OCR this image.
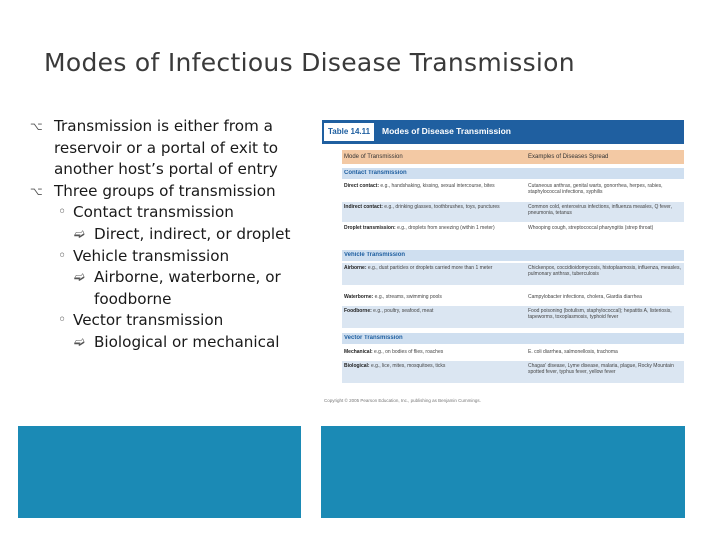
Modes of Infectious Disease Transmission
⌥ Transmission is either from a reservoir or a portal of exit to another host’s portal of entry
⌥ Three groups of transmission
◦ Contact transmission
➫ Direct, indirect, or droplet
◦ Vehicle transmission
➫ Airborne, waterborne, or foodborne
◦ Vector transmission
➫ Biological or mechanical
Table 14.11	Modes of Disease Transmission
Mode of Transmission	Examples of Diseases Spread
Contact Transmission
Direct contact: e.g., handshaking, kissing, sexual intercourse, bites	Cutaneous anthrax, genital warts, gonorrhea, herpes, rabies, staphylococcal infections, syphilis
Indirect contact: e.g., drinking glasses, toothbrushes, toys, punctures	Common cold, enterovirus infections, influenza measles, Q fever, pneumonia, tetanus
Droplet transmission: e.g., droplets from sneezing (within 1 meter)	Whooping cough, streptococcal pharyngitis (strep throat)
Vehicle Transmission
Airborne: e.g., dust particles or droplets carried more than 1 meter	Chickenpox, coccidioidomycosis, histoplasmosis, influenza, measles, pulmonary anthrax, tuberculosis
Waterborne: e.g., streams, swimming pools	Campylobacter infections, cholera, Giardia diarrhea
Foodborne: e.g., poultry, seafood, meat	Food poisoning (botulism, staphylococcal); hepatitis A, listeriosis, tapeworms, toxoplasmosis, typhoid fever
Vector Transmission
Mechanical: e.g., on bodies of flies, roaches	E. coli diarrhea, salmonellosis, trachoma
Biological: e.g., lice, mites, mosquitoes, ticks	Chagas' disease, Lyme disease, malaria, plague, Rocky Mountain spotted fever, typhus fever, yellow fever
Copyright © 2005 Pearson Education, Inc., publishing as Benjamin Cummings.
